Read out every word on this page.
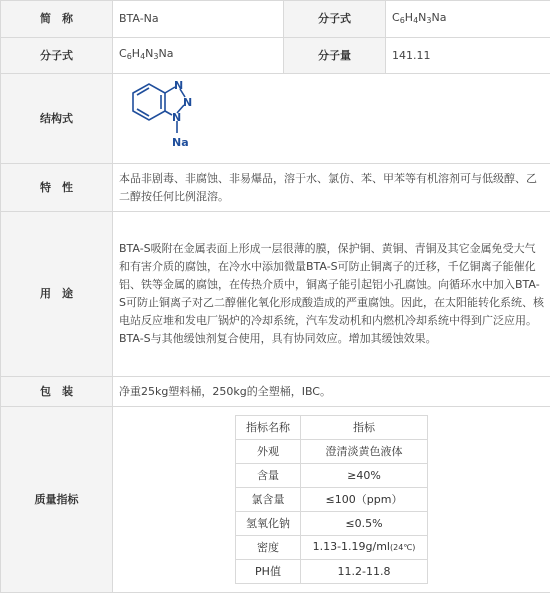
简　称	BTA-Na	分子式	$C_6H_4N_3Na$
分子式	$C_6H_4N_3Na$	分子量	141.11
结构式	
N
N
N
Na

特　性	本品非剧毒、非腐蚀、非易爆品，溶于水、氯仿、苯、甲苯等有机溶剂可与低级醇、乙二醇按任何比例混溶。
用　途	BTA-S吸附在金属表面上形成一层很薄的膜，保护铜、黄铜、青铜及其它金属免受大气和有害介质的腐蚀，在冷水中添加微量BTA-S可防止铜离子的迁移，千亿铜离子能催化铝、铁等金属的腐蚀，在传热介质中，铜离子能引起铝小孔腐蚀。向循环水中加入BTA-S可防止铜离子对乙二醇催化氧化形成酸造成的严重腐蚀。因此，在太阳能转化系统、核电站反应堆和发电厂锅炉的冷却系统，汽车发动机和内燃机冷却系统中得到广泛应用。BTA-S与其他缓蚀剂复合使用，具有协同效应。增加其缓蚀效果。
包　装	净重25kg塑料桶，250kg的全塑桶，IBC。
质量指标	
指标名称	指标
外观	澄清淡黄色液体
含量	≥40%
氯含量	≤100（ppm）
氢氧化钠	≤0.5%
密度	1.13-1.19g/ml(24℃)
PH值	11.2-11.8
